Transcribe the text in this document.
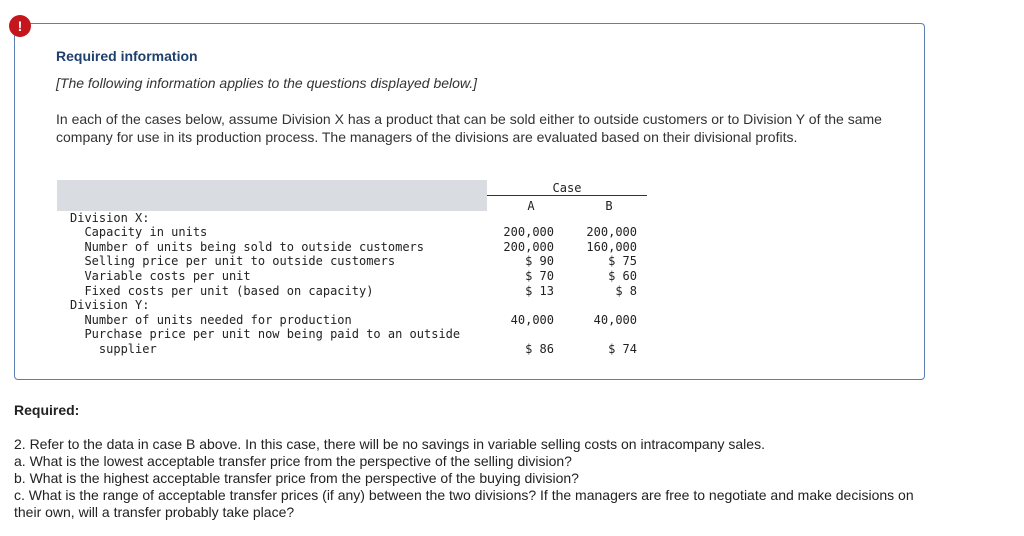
!
Required information
[The following information applies to the questions displayed below.]
In each of the cases below, assume Division X has a product that can be sold either to outside customers or to Division Y of the same company for use in its production process. The managers of the divisions are evaluated based on their divisional profits.
Case
A	B
Division X:
Capacity in units
Number of units being sold to outside customers
Selling price per unit to outside customers
Variable costs per unit
Fixed costs per unit (based on capacity)
Division Y:
Number of units needed for production
Purchase price per unit now being paid to an outside
supplier
200,000
200,000
$ 90
$ 70
$ 13
40,000
$ 86
200,000
160,000
$ 75
$ 60
$ 8
40,000
$ 74
Required:
2. Refer to the data in case B above. In this case, there will be no savings in variable selling costs on intracompany sales.
a. What is the lowest acceptable transfer price from the perspective of the selling division?
b. What is the highest acceptable transfer price from the perspective of the buying division?
c. What is the range of acceptable transfer prices (if any) between the two divisions? If the managers are free to negotiate and make decisions on their own, will a transfer probably take place?
